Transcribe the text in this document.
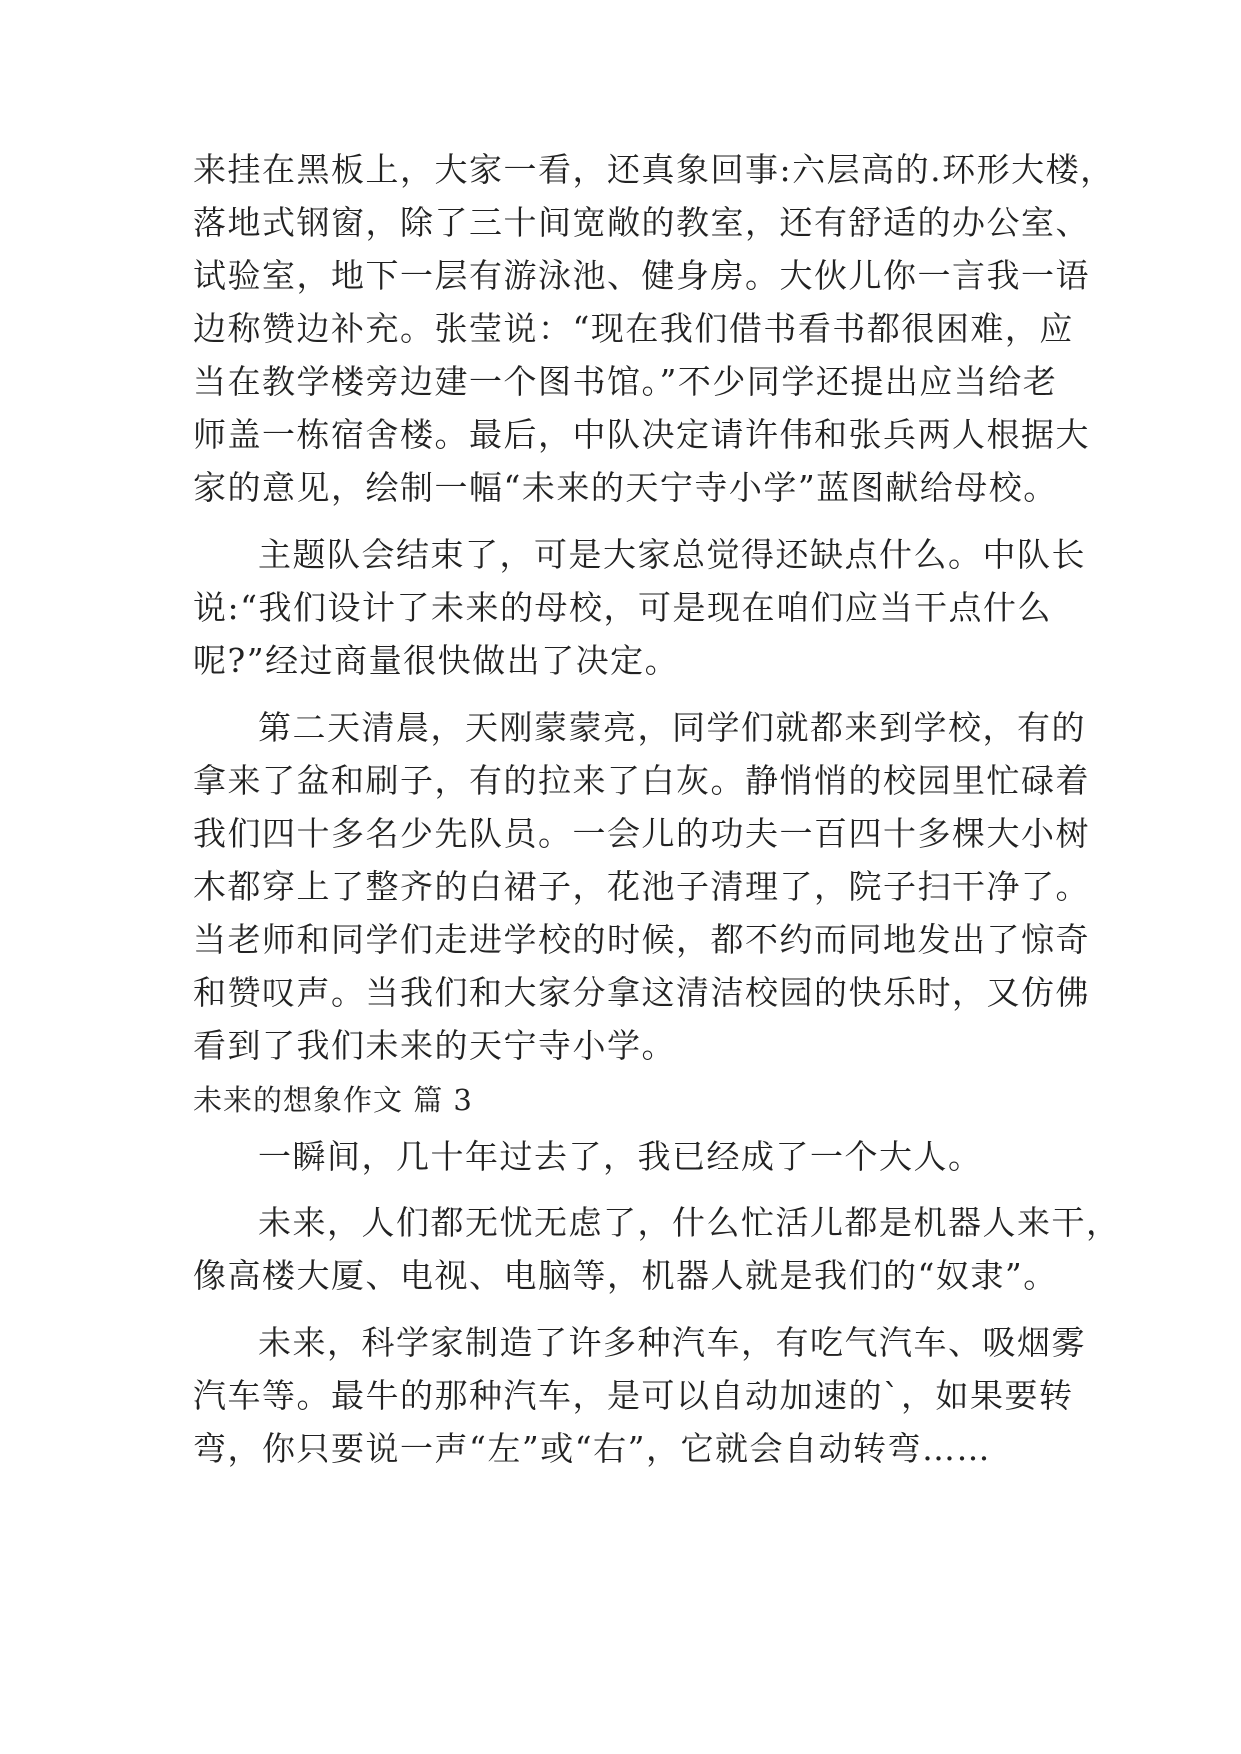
来挂在黑板上，大家一看，还真象回事:六层高的.环形大楼，
落地式钢窗，除了三十间宽敞的教室，还有舒适的办公室、
试验室，地下一层有游泳池、健身房。大伙儿你一言我一语
边称赞边补充。张莹说：“现在我们借书看书都很困难，应
当在教学楼旁边建一个图书馆。”不少同学还提出应当给老
师盖一栋宿舍楼。最后，中队决定请许伟和张兵两人根据大
家的意见，绘制一幅“未来的天宁寺小学”蓝图献给母校。
主题队会结束了，可是大家总觉得还缺点什么。中队长
说:“我们设计了未来的母校，可是现在咱们应当干点什么
呢?”经过商量很快做出了决定。
第二天清晨，天刚蒙蒙亮，同学们就都来到学校，有的
拿来了盆和刷子，有的拉来了白灰。静悄悄的校园里忙碌着
我们四十多名少先队员。一会儿的功夫一百四十多棵大小树
木都穿上了整齐的白裙子，花池子清理了，院子扫干净了。
当老师和同学们走进学校的时候，都不约而同地发出了惊奇
和赞叹声。当我们和大家分拿这清洁校园的快乐时，又仿佛
看到了我们未来的天宁寺小学。
未来的想象作文 篇 3
一瞬间，几十年过去了，我已经成了一个大人。
未来，人们都无忧无虑了，什么忙活儿都是机器人来干，
像高楼大厦、电视、电脑等，机器人就是我们的“奴隶”。
未来，科学家制造了许多种汽车，有吃气汽车、吸烟雾
汽车等。最牛的那种汽车，是可以自动加速的`，如果要转
弯，你只要说一声“左”或“右”，它就会自动转弯……
